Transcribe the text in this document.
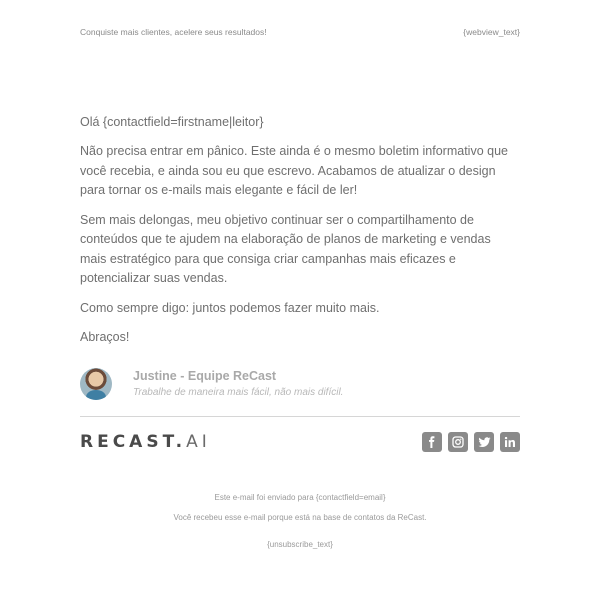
Conquiste mais clientes, acelere seus resultados!	{webview_text}
Olá {contactfield=firstname|leitor}

Não precisa entrar em pânico. Este ainda é o mesmo boletim informativo que você recebia, e ainda sou eu que escrevo. Acabamos de atualizar o design para tornar os e-mails mais elegante e fácil de ler!

Sem mais delongas, meu objetivo continuar ser o compartilhamento de conteúdos que te ajudem na elaboração de planos de marketing e vendas mais estratégico para que consiga criar campanhas mais eficazes e potencializar suas vendas.

Como sempre digo: juntos podemos fazer muito mais.

Abraços!

Justine - Equipe ReCast
Trabalhe de maneira mais fácil, não mais difícil.
RECAST.AI
Este e-mail foi enviado para {contactfield=email}
Você recebeu esse e-mail porque está na base de contatos da ReCast.
{unsubscribe_text}
